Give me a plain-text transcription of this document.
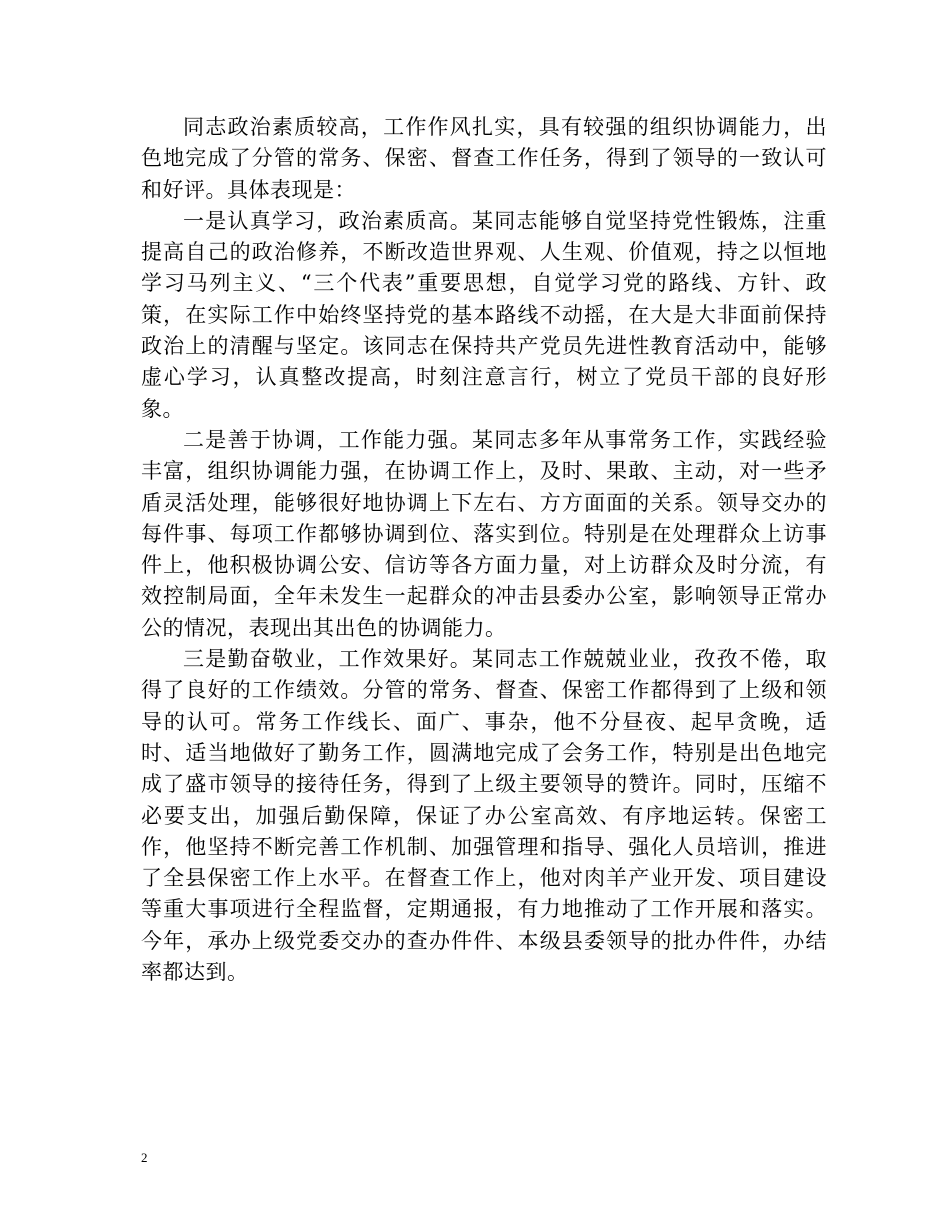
同志政治素质较高，工作作风扎实，具有较强的组织协调能力，出色地完成了分管的常务、保密、督查工作任务，得到了领导的一致认可和好评。具体表现是：

一是认真学习，政治素质高。某同志能够自觉坚持党性锻炼，注重提高自己的政治修养，不断改造世界观、人生观、价值观，持之以恒地学习马列主义、“三个代表”重要思想，自觉学习党的路线、方针、政策，在实际工作中始终坚持党的基本路线不动摇，在大是大非面前保持政治上的清醒与坚定。该同志在保持共产党员先进性教育活动中，能够虚心学习，认真整改提高，时刻注意言行，树立了党员干部的良好形象。

二是善于协调，工作能力强。某同志多年从事常务工作，实践经验丰富，组织协调能力强，在协调工作上，及时、果敢、主动，对一些矛盾灵活处理，能够很好地协调上下左右、方方面面的关系。领导交办的每件事、每项工作都够协调到位、落实到位。特别是在处理群众上访事件上，他积极协调公安、信访等各方面力量，对上访群众及时分流，有效控制局面，全年未发生一起群众的冲击县委办公室，影响领导正常办公的情况，表现出其出色的协调能力。

三是勤奋敬业，工作效果好。某同志工作兢兢业业，孜孜不倦，取得了良好的工作绩效。分管的常务、督查、保密工作都得到了上级和领导的认可。常务工作线长、面广、事杂，他不分昼夜、起早贪晚，适时、适当地做好了勤务工作，圆满地完成了会务工作，特别是出色地完成了盛市领导的接待任务，得到了上级主要领导的赞许。同时，压缩不必要支出，加强后勤保障，保证了办公室高效、有序地运转。保密工作，他坚持不断完善工作机制、加强管理和指导、强化人员培训，推进了全县保密工作上水平。在督查工作上，他对肉羊产业开发、项目建设等重大事项进行全程监督，定期通报，有力地推动了工作开展和落实。今年，承办上级党委交办的查办件件、本级县委领导的批办件件，办结率都达到。

2
